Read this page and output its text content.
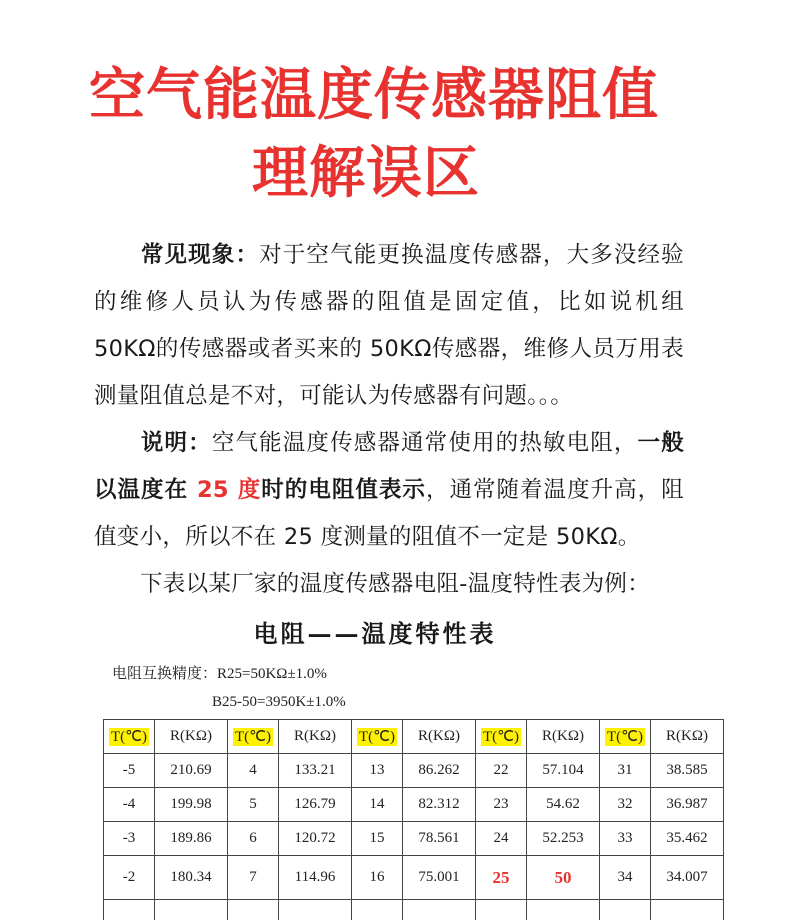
空气能温度传感器阻值
理解误区

常见现象：对于空气能更换温度传感器，大多没经验的维修人员认为传感器的阻值是固定值，比如说机组 50KΩ的传感器或者买来的 50KΩ传感器，维修人员万用表测量阻值总是不对，可能认为传感器有问题。。。

说明：空气能温度传感器通常使用的热敏电阻，一般以温度在 25 度时的电阻值表示，通常随着温度升高，阻值变小，所以不在 25 度测量的阻值不一定是 50KΩ。

下表以某厂家的温度传感器电阻-温度特性表为例：

电阻——温度特性表

电阻互换精度：R25=50KΩ±1.0%

B25-50=3950K±1.0%

T(℃)	R(KΩ)	T(℃)	R(KΩ)	T(℃)	R(KΩ)	T(℃)	R(KΩ)	T(℃)	R(KΩ)
-5	210.69	4	133.21	13	86.262	22	57.104	31	38.585
-4	199.98	5	126.79	14	82.312	23	54.62	32	36.987
-3	189.86	6	120.72	15	78.561	24	52.253	33	35.462
-2	180.34	7	114.96	16	75.001	25	50	34	34.007
